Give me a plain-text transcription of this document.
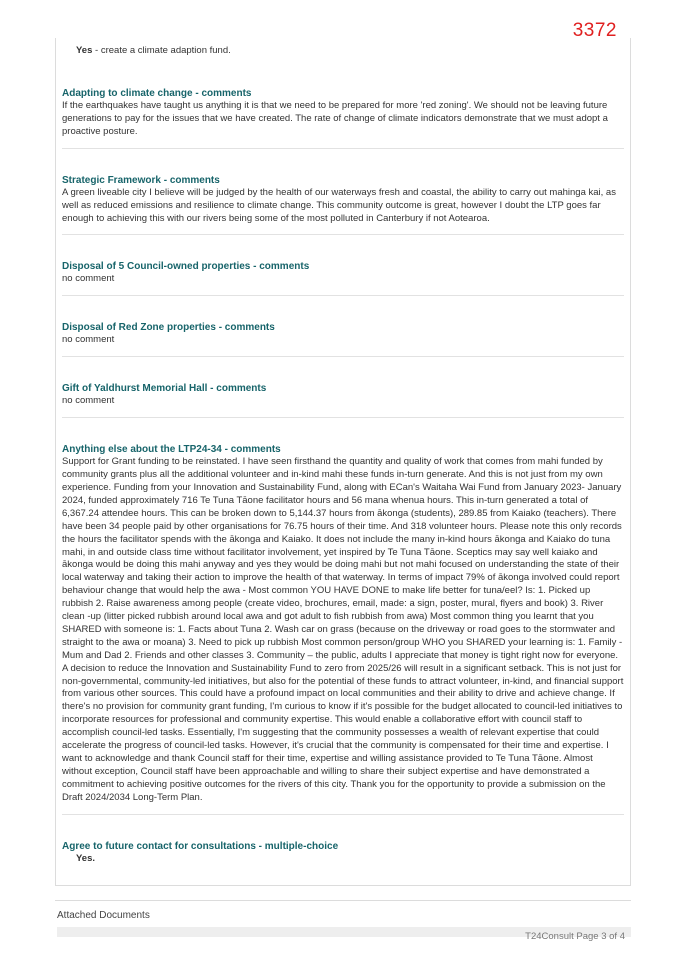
3372
Yes - create a climate adaption fund.
Adapting to climate change - comments
If the earthquakes have taught us anything it is that we need to be prepared for more 'red zoning'. We should not be leaving future generations to pay for the issues that we have created. The rate of change of climate indicators demonstrate that we must adopt a proactive posture.
Strategic Framework - comments
A green liveable city I believe will be judged by the health of our waterways fresh and coastal, the ability to carry out mahinga kai, as well as reduced emissions and resilience to climate change. This community outcome is great, however I doubt the LTP goes far enough to achieving this with our rivers being some of the most polluted in Canterbury if not Aotearoa.
Disposal of 5 Council-owned properties - comments
no comment
Disposal of Red Zone properties - comments
no comment
Gift of Yaldhurst Memorial Hall - comments
no comment
Anything else about the LTP24-34 - comments
Support for Grant funding to be reinstated. I have seen firsthand the quantity and quality of work that comes from mahi funded by community grants plus all the additional volunteer and in-kind mahi these funds in-turn generate. And this is not just from my own experience. Funding from your Innovation and Sustainability Fund, along with ECan's Waitaha Wai Fund from January 2023- January 2024, funded approximately 716 Te Tuna Tāone facilitator hours and 56 mana whenua hours. This in-turn generated a total of 6,367.24 attendee hours. This can be broken down to 5,144.37 hours from ākonga (students), 289.85 from Kaiako (teachers). There have been 34 people paid by other organisations for 76.75 hours of their time. And 318 volunteer hours. Please note this only records the hours the facilitator spends with the ākonga and Kaiako. It does not include the many in-kind hours ākonga and Kaiako do tuna mahi, in and outside class time without facilitator involvement, yet inspired by Te Tuna Tāone. Sceptics may say well kaiako and ākonga would be doing this mahi anyway and yes they would be doing mahi but not mahi focused on understanding the state of their local waterway and taking their action to improve the health of that waterway. In terms of impact 79% of ākonga involved could report behaviour change that would help the awa - Most common YOU HAVE DONE to make life better for tuna/eel? Is: 1. Picked up rubbish 2. Raise awareness among people (create video, brochures, email, made: a sign, poster, mural, flyers and book) 3. River clean -up (litter picked rubbish around local awa and got adult to fish rubbish from awa) Most common thing you learnt that you SHARED with someone is: 1. Facts about Tuna 2. Wash car on grass (because on the driveway or road goes to the stormwater and straight to the awa or moana) 3. Need to pick up rubbish Most common person/group WHO you SHARED your learning is: 1. Family - Mum and Dad 2. Friends and other classes 3. Community – the public, adults I appreciate that money is tight right now for everyone. A decision to reduce the Innovation and Sustainability Fund to zero from 2025/26 will result in a significant setback. This is not just for non-governmental, community-led initiatives, but also for the potential of these funds to attract volunteer, in-kind, and financial support from various other sources. This could have a profound impact on local communities and their ability to drive and achieve change. If there's no provision for community grant funding, I'm curious to know if it's possible for the budget allocated to council-led initiatives to incorporate resources for professional and community expertise. This would enable a collaborative effort with council staff to accomplish council-led tasks. Essentially, I'm suggesting that the community possesses a wealth of relevant expertise that could accelerate the progress of council-led tasks. However, it's crucial that the community is compensated for their time and expertise. I want to acknowledge and thank Council staff for their time, expertise and willing assistance provided to Te Tuna Tāone. Almost without exception, Council staff have been approachable and willing to share their subject expertise and have demonstrated a commitment to achieving positive outcomes for the rivers of this city. Thank you for the opportunity to provide a submission on the Draft 2024/2034 Long-Term Plan.
Agree to future contact for consultations - multiple-choice
Yes.
Attached Documents
T24Consult Page 3 of 4
